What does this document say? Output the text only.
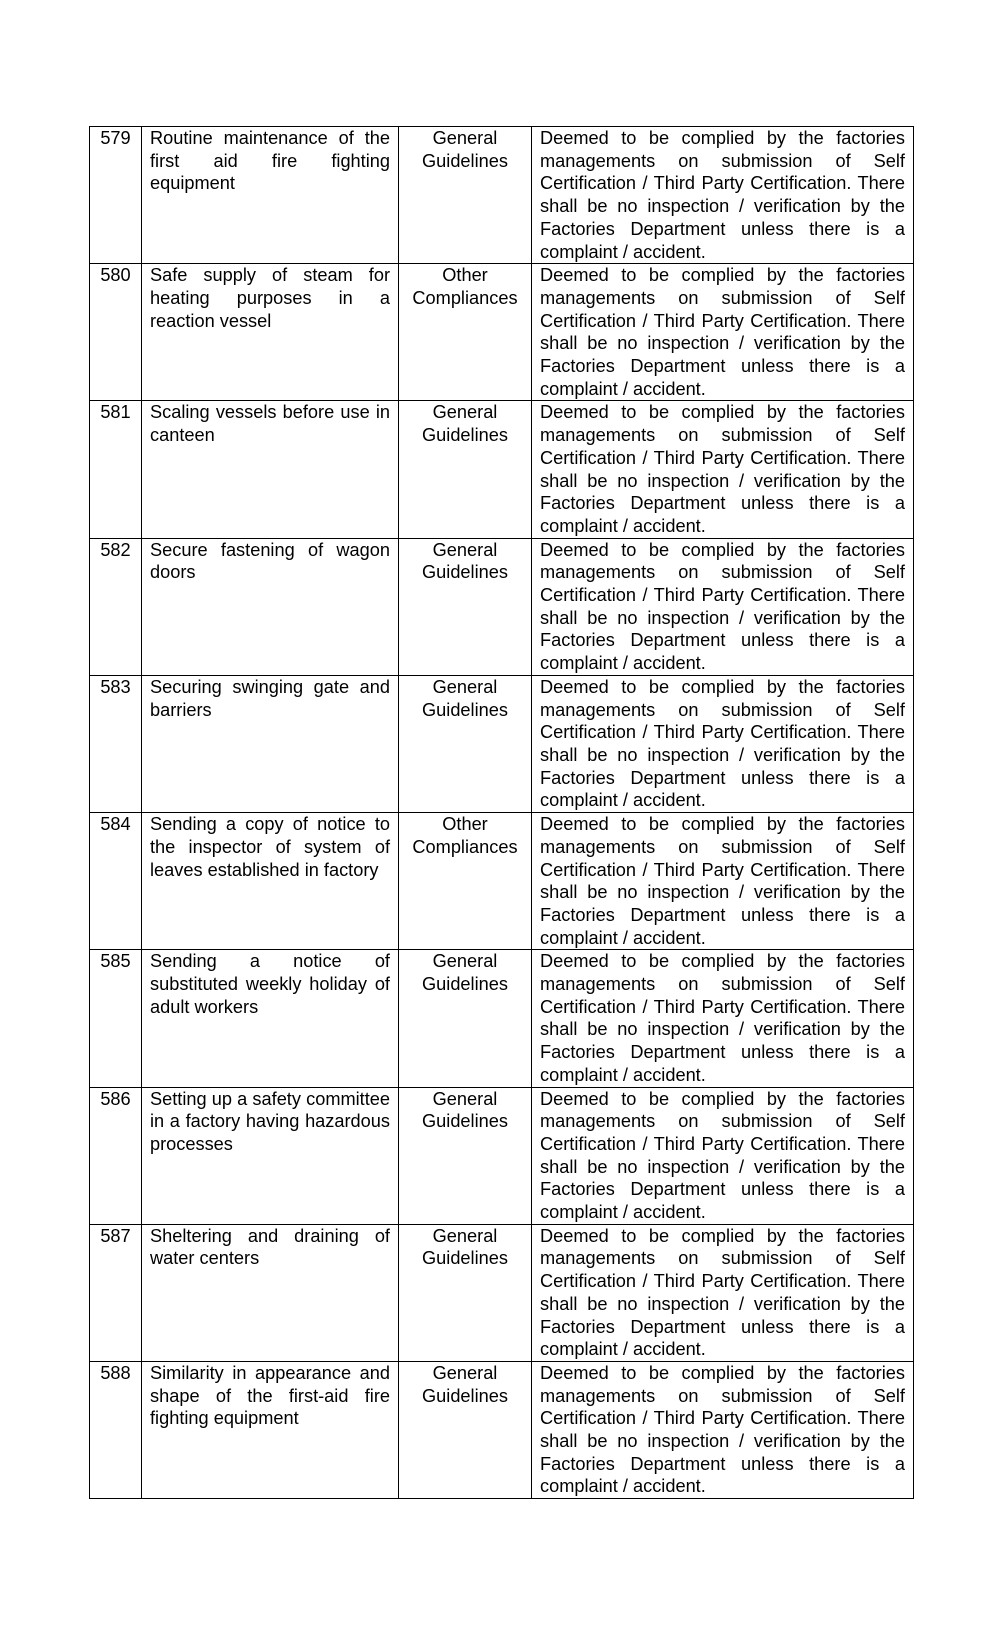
579	Routine maintenance of the first aid fire fighting equipment	General Guidelines	Deemed to be complied by the factories managements on submission of Self Certification / Third Party Certification. There shall be no inspection / verification by the Factories Department unless there is a complaint / accident.
580	Safe supply of steam for heating purposes in a reaction vessel	Other Compliances	Deemed to be complied by the factories managements on submission of Self Certification / Third Party Certification. There shall be no inspection / verification by the Factories Department unless there is a complaint / accident.
581	Scaling vessels before use in canteen	General Guidelines	Deemed to be complied by the factories managements on submission of Self Certification / Third Party Certification. There shall be no inspection / verification by the Factories Department unless there is a complaint / accident.
582	Secure fastening of wagon doors	General Guidelines	Deemed to be complied by the factories managements on submission of Self Certification / Third Party Certification. There shall be no inspection / verification by the Factories Department unless there is a complaint / accident.
583	Securing swinging gate and barriers	General Guidelines	Deemed to be complied by the factories managements on submission of Self Certification / Third Party Certification. There shall be no inspection / verification by the Factories Department unless there is a complaint / accident.
584	Sending a copy of notice to the inspector of system of leaves established in factory	Other Compliances	Deemed to be complied by the factories managements on submission of Self Certification / Third Party Certification. There shall be no inspection / verification by the Factories Department unless there is a complaint / accident.
585	Sending a notice of substituted weekly holiday of adult workers	General Guidelines	Deemed to be complied by the factories managements on submission of Self Certification / Third Party Certification. There shall be no inspection / verification by the Factories Department unless there is a complaint / accident.
586	Setting up a safety committee in a factory having hazardous processes	General Guidelines	Deemed to be complied by the factories managements on submission of Self Certification / Third Party Certification. There shall be no inspection / verification by the Factories Department unless there is a complaint / accident.
587	Sheltering and draining of water centers	General Guidelines	Deemed to be complied by the factories managements on submission of Self Certification / Third Party Certification. There shall be no inspection / verification by the Factories Department unless there is a complaint / accident.
588	Similarity in appearance and shape of the first-aid fire fighting equipment	General Guidelines	Deemed to be complied by the factories managements on submission of Self Certification / Third Party Certification. There shall be no inspection / verification by the Factories Department unless there is a complaint / accident.
